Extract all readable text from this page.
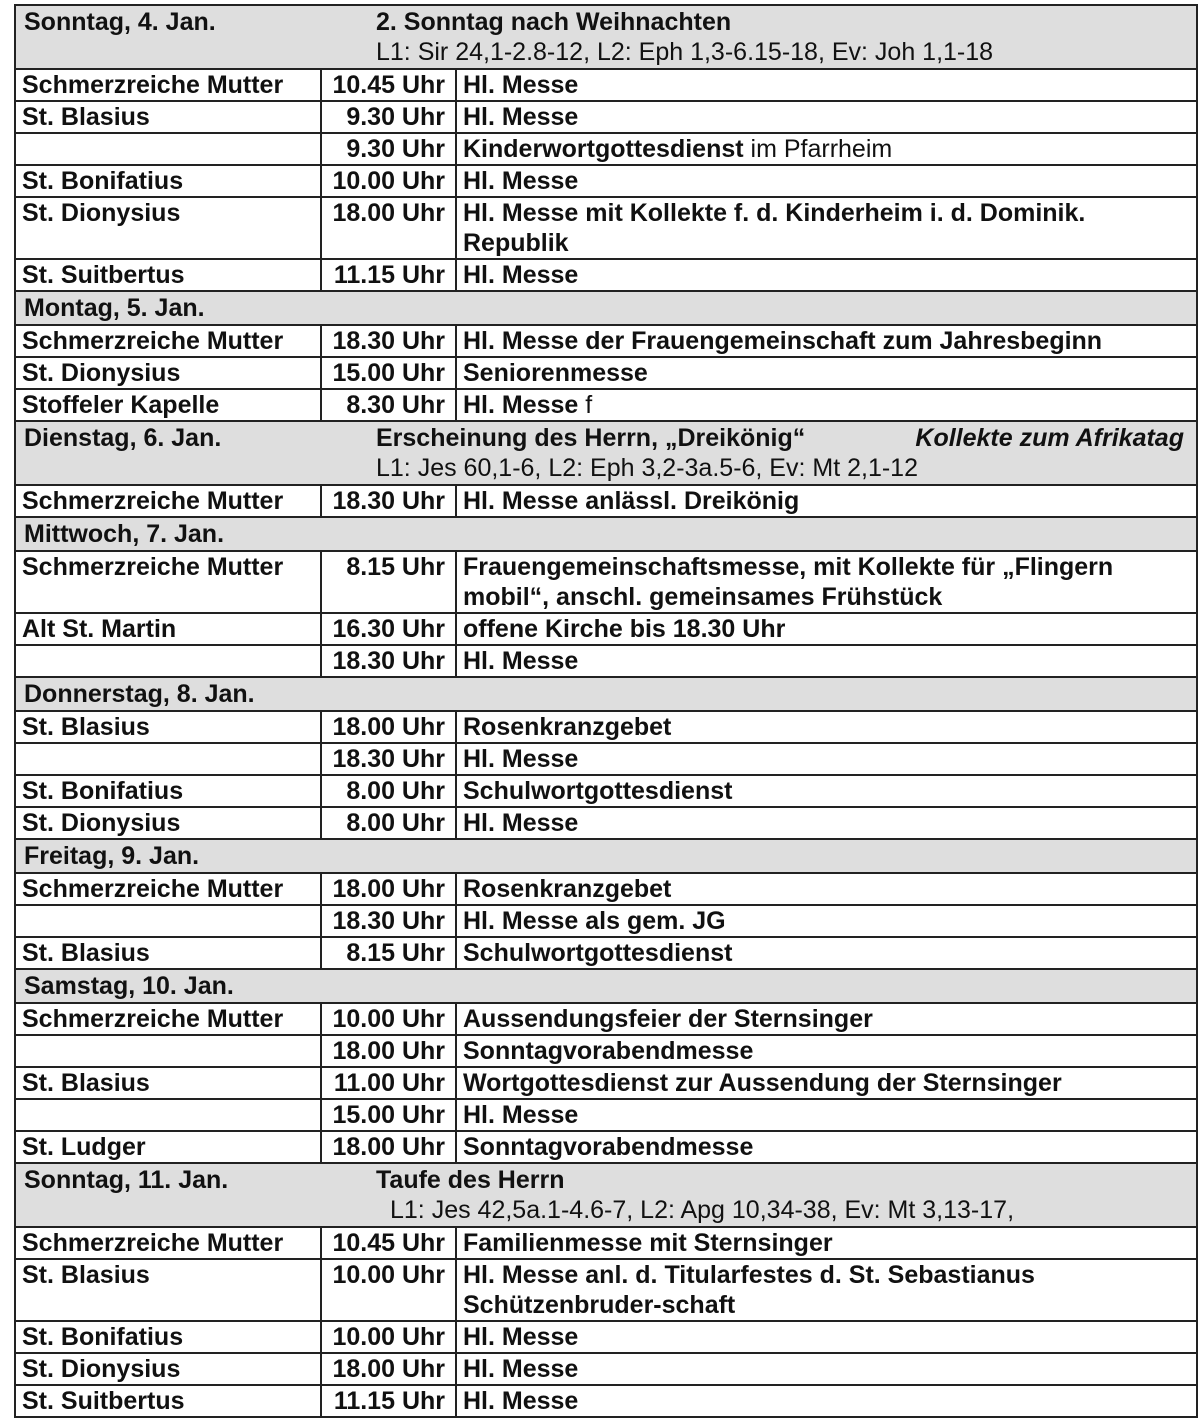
Sonntag, 4. Jan. 2. Sonntag nach Weihnachten
L1: Sir 24,1-2.8-12, L2: Eph 1,3-6.15-18, Ev: Joh 1,1-18		

Schmerzreiche Mutter	10.45 Uhr	Hl. Messe
St. Blasius	9.30 Uhr	Hl. Messe
	9.30 Uhr	Kinderwortgottesdienst im Pfarrheim
St. Bonifatius	10.00 Uhr	Hl. Messe
St. Dionysius	18.00 Uhr	Hl. Messe mit Kollekte f. d. Kinderheim i. d. Dominik. Republik
St. Suitbertus	11.15 Uhr	Hl. Messe

Montag, 5. Jan.		

Schmerzreiche Mutter	18.30 Uhr	Hl. Messe der Frauengemeinschaft zum Jahresbeginn
St. Dionysius	15.00 Uhr	Seniorenmesse
Stoffeler Kapelle	8.30 Uhr	Hl. Messe f

Dienstag, 6. Jan. Erscheinung des Herrn, „Dreikönig“ Kollekte zum Afrikatag
L1: Jes 60,1-6, L2: Eph 3,2-3a.5-6, Ev: Mt 2,1-12		

Schmerzreiche Mutter	18.30 Uhr	Hl. Messe anlässl. Dreikönig

Mittwoch, 7. Jan.		

Schmerzreiche Mutter	8.15 Uhr	Frauengemeinschaftsmesse, mit Kollekte für „Flingern mobil“, anschl. gemeinsames Frühstück
Alt St. Martin	16.30 Uhr	offene Kirche bis 18.30 Uhr
	18.30 Uhr	Hl. Messe

Donnerstag, 8. Jan.		

St. Blasius	18.00 Uhr	Rosenkranzgebet
	18.30 Uhr	Hl. Messe
St. Bonifatius	8.00 Uhr	Schulwortgottesdienst
St. Dionysius	8.00 Uhr	Hl. Messe

Freitag, 9. Jan.		

Schmerzreiche Mutter	18.00 Uhr	Rosenkranzgebet
	18.30 Uhr	Hl. Messe als gem. JG
St. Blasius	8.15 Uhr	Schulwortgottesdienst

Samstag, 10. Jan.		

Schmerzreiche Mutter	10.00 Uhr	Aussendungsfeier der Sternsinger
	18.00 Uhr	Sonntagvorabendmesse
St. Blasius	11.00 Uhr	Wortgottesdienst zur Aussendung der Sternsinger
	15.00 Uhr	Hl. Messe
St. Ludger	18.00 Uhr	Sonntagvorabendmesse

Sonntag, 11. Jan. Taufe des Herrn
L1: Jes 42,5a.1-4.6-7, L2: Apg 10,34-38, Ev: Mt 3,13-17,		

Schmerzreiche Mutter	10.45 Uhr	Familienmesse mit Sternsinger
St. Blasius	10.00 Uhr	Hl. Messe anl. d. Titularfestes d. St. Sebastianus Schützenbruder-schaft
St. Bonifatius	10.00 Uhr	Hl. Messe
St. Dionysius	18.00 Uhr	Hl. Messe
St. Suitbertus	11.15 Uhr	Hl. Messe
